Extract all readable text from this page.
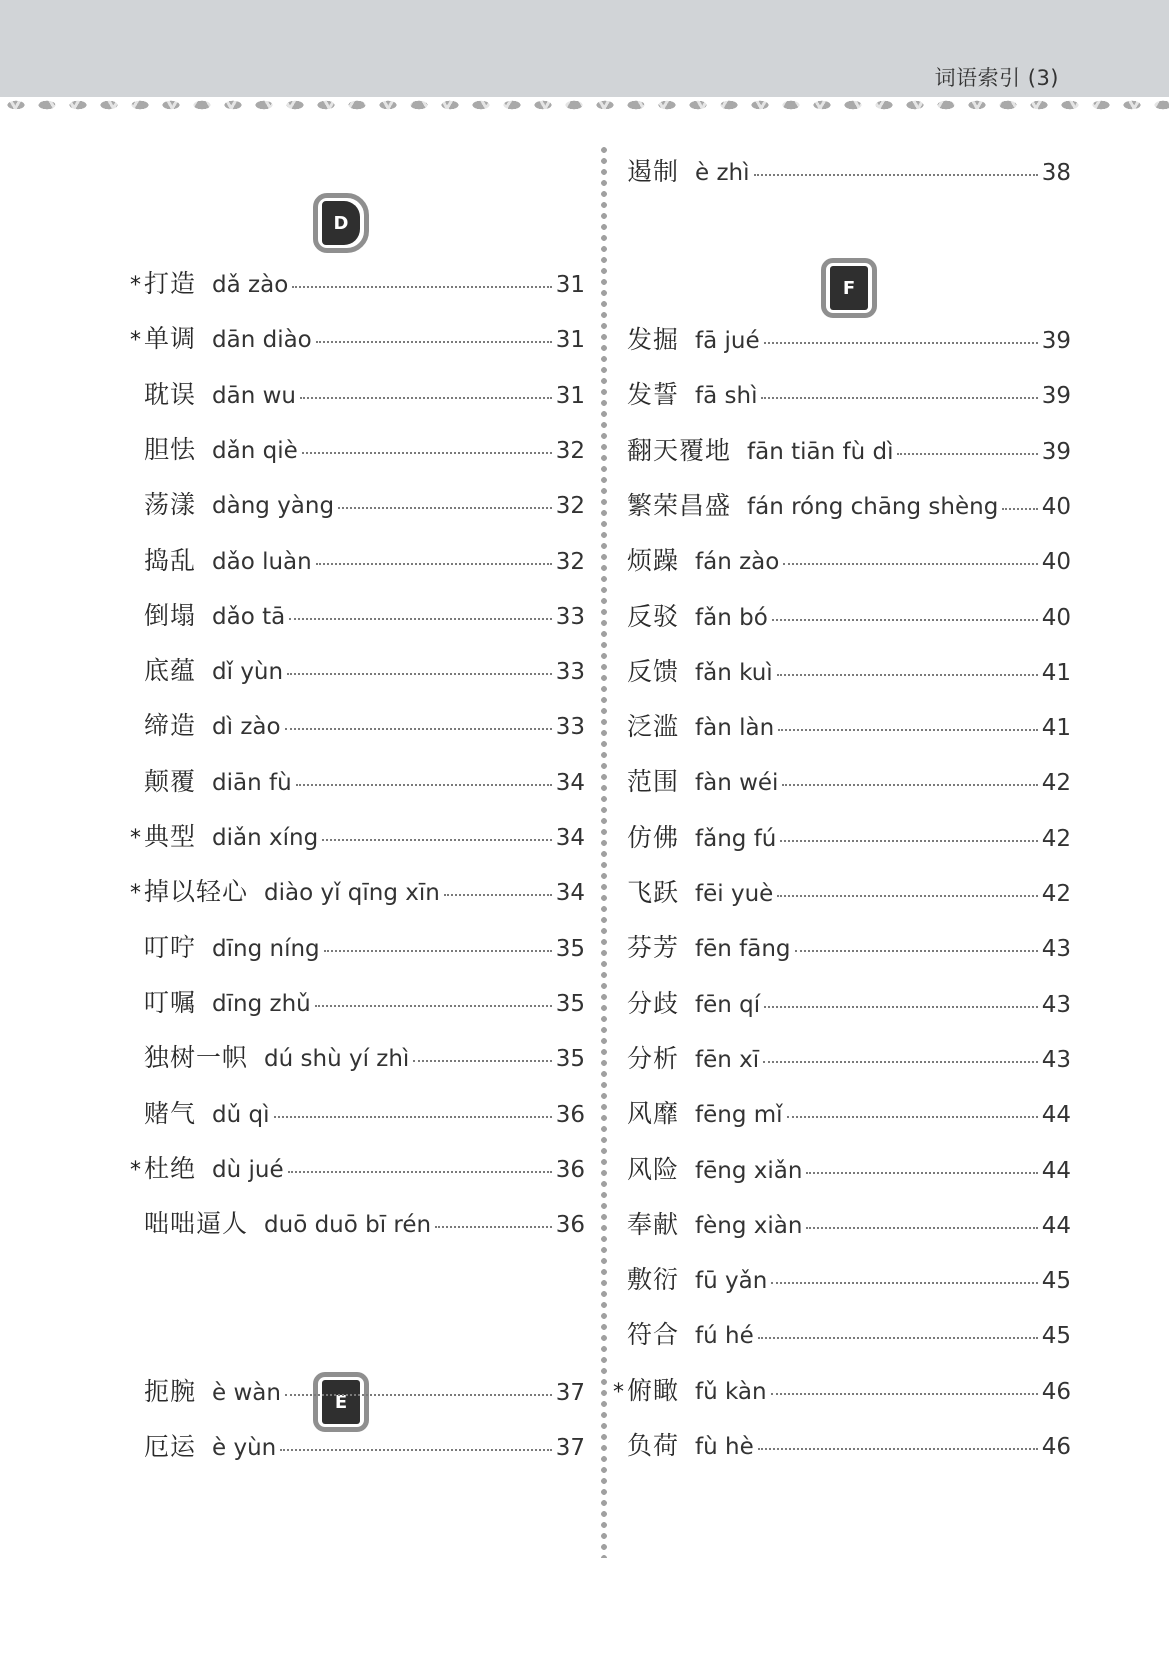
词语索引 (3)
D
* 打造 dǎ zào	31
* 单调 dān diào	31
耽误 dān wu	31
胆怯 dǎn qiè	32
荡漾 dàng yàng	32
捣乱 dǎo luàn	32
倒塌 dǎo tā	33
底蕴 dǐ yùn	33
缔造 dì zào	33
颠覆 diān fù	34
* 典型 diǎn xíng	34
* 掉以轻心 diào yǐ qīng xīn	34
叮咛 dīng níng	35
叮嘱 dīng zhǔ	35
独树一帜 dú shù yí zhì	35
赌气 dǔ qì	36
* 杜绝 dù jué	36
咄咄逼人 duō duō bī rén	36
E
扼腕 è wàn	37
厄运 è yùn	37
遏制 è zhì	38
F
发掘 fā jué	39
发誓 fā shì	39
翻天覆地 fān tiān fù dì	39
繁荣昌盛 fán róng chāng shèng 40
烦躁 fán zào	40
反驳 fǎn bó	40
反馈 fǎn kuì	41
泛滥 fàn làn	41
范围 fàn wéi	42
仿佛 fǎng fú	42
飞跃 fēi yuè	42
芬芳 fēn fāng	43
分歧 fēn qí	43
分析 fēn xī	43
风靡 fēng mǐ	44
风险 fēng xiǎn	44
奉献 fèng xiàn	44
敷衍 fū yǎn	45
符合 fú hé	45
* 俯瞰 fǔ kàn	46
负荷 fù hè	46
